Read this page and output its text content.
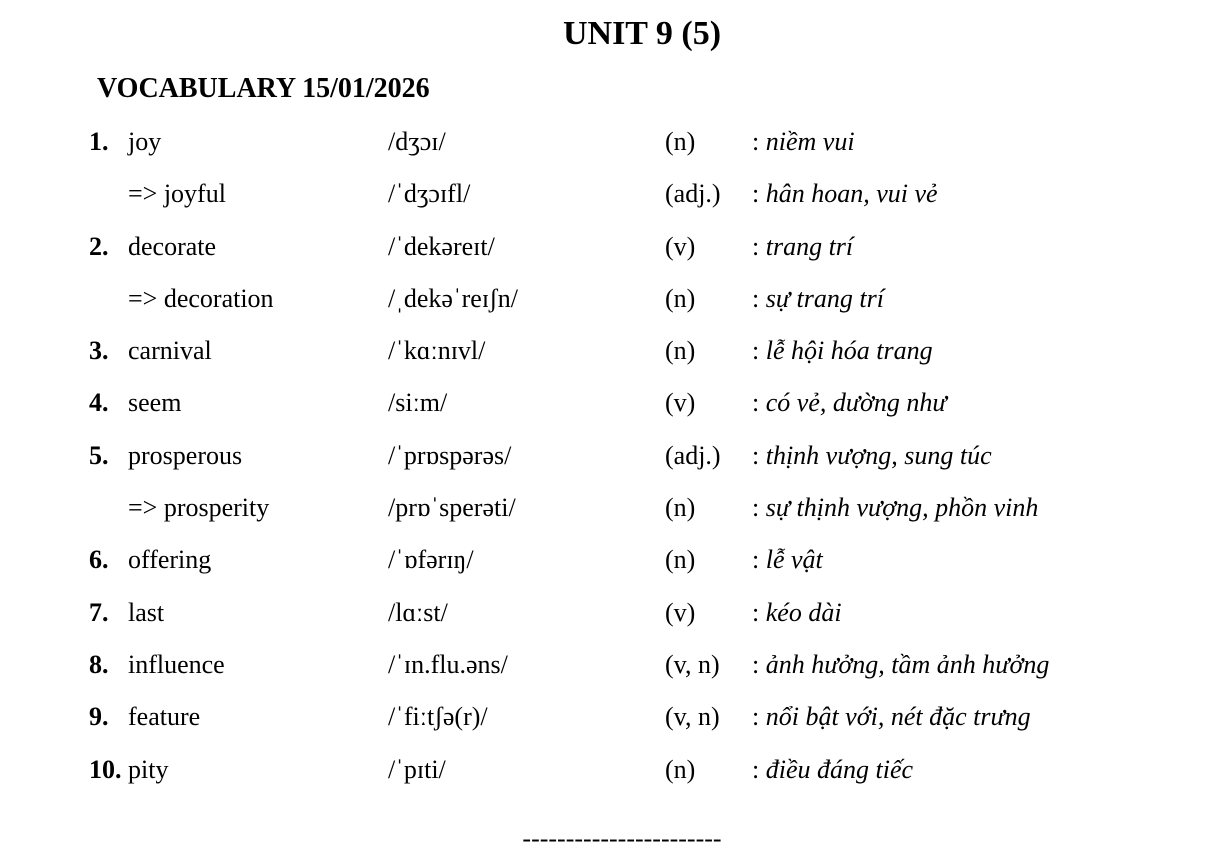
UNIT 9 (5)
VOCABULARY 15/01/2026
1. joy	/dʒɔɪ/	(n) : niềm vui
=> joyful	/ˈdʒɔɪfl/	(adj.) : hân hoan, vui vẻ
2. decorate	/ˈdekəreɪt/	(v) : trang trí
=> decoration	/ˌdekəˈreɪʃn/	(n) : sự trang trí
3. carnival	/ˈkɑːnɪvl/	(n) : lễ hội hóa trang
4. seem	/siːm/	(v) : có vẻ, dường như
5. prosperous	/ˈprɒspərəs/	(adj.) : thịnh vượng, sung túc
=> prosperity	/prɒˈsperəti/	(n) : sự thịnh vượng, phồn vinh
6. offering	/ˈɒfərɪŋ/	(n) : lễ vật
7. last	/lɑːst/	(v) : kéo dài
8. influence	/ˈɪn.flu.əns/	(v, n) : ảnh hưởng, tầm ảnh hưởng
9. feature	/ˈfiːtʃə(r)/	(v, n) : nổi bật với, nét đặc trưng
10. pity	/ˈpɪti/	(n) : điều đáng tiếc
-----------------------
